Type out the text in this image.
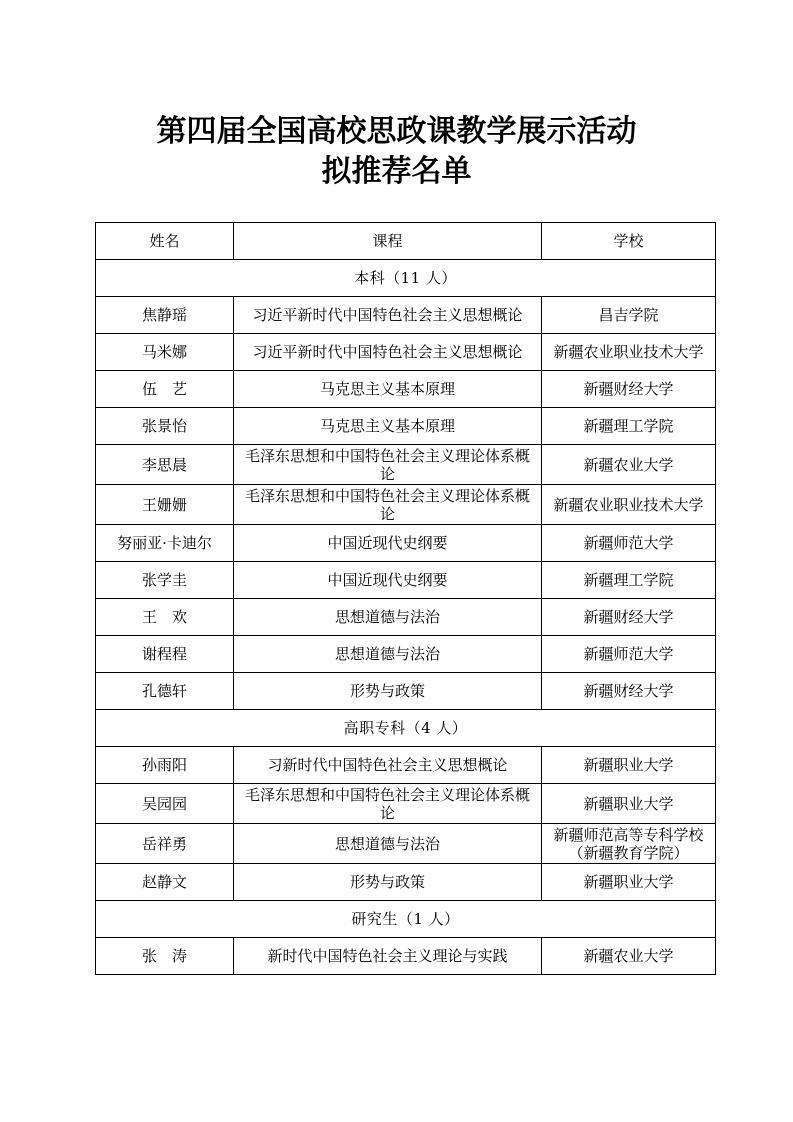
第四届全国高校思政课教学展示活动
拟推荐名单
姓名	课程	学校
本科（11 人）		
焦静瑶	习近平新时代中国特色社会主义思想概论	昌吉学院
马米娜	习近平新时代中国特色社会主义思想概论	新疆农业职业技术大学
伍　艺	马克思主义基本原理	新疆财经大学
张景怡	马克思主义基本原理	新疆理工学院
李思晨	毛泽东思想和中国特色社会主义理论体系概论	新疆农业大学
王姗姗	毛泽东思想和中国特色社会主义理论体系概论	新疆农业职业技术大学
努丽亚·卡迪尔	中国近现代史纲要	新疆师范大学
张学圭	中国近现代史纲要	新疆理工学院
王　欢	思想道德与法治	新疆财经大学
谢程程	思想道德与法治	新疆师范大学
孔德轩	形势与政策	新疆财经大学
高职专科（4 人）		
孙雨阳	习新时代中国特色社会主义思想概论	新疆职业大学
吴园园	毛泽东思想和中国特色社会主义理论体系概论	新疆职业大学
岳祥勇	思想道德与法治	新疆师范高等专科学校（新疆教育学院）
赵静文	形势与政策	新疆职业大学
研究生（1 人）		
张　涛	新时代中国特色社会主义理论与实践	新疆农业大学
